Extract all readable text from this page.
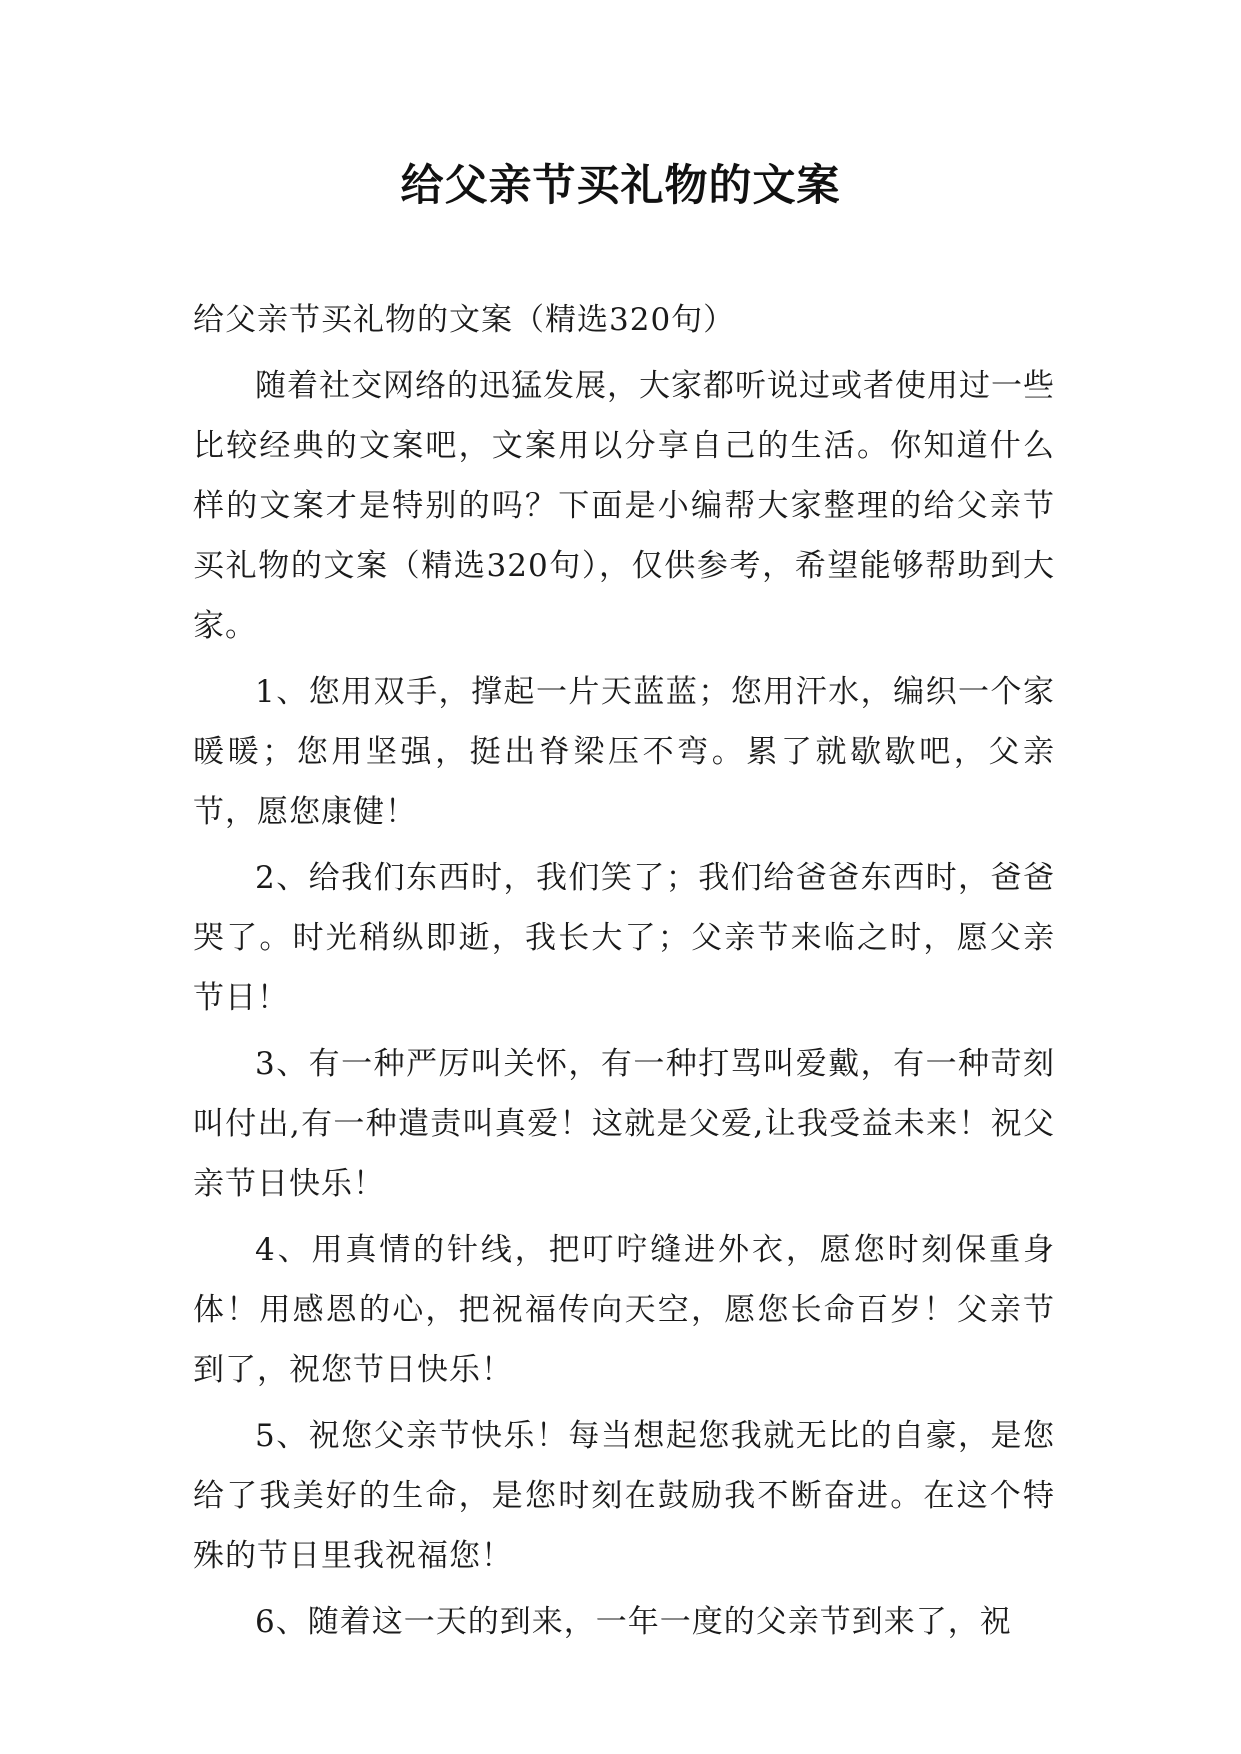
给父亲节买礼物的文案

给父亲节买礼物的文案（精选320句）

随着社交网络的迅猛发展，大家都听说过或者使用过一些比较经典的文案吧，文案用以分享自己的生活。你知道什么样的文案才是特别的吗？下面是小编帮大家整理的给父亲节买礼物的文案（精选320句），仅供参考，希望能够帮助到大家。

1、您用双手，撑起一片天蓝蓝；您用汗水，编织一个家暖暖；您用坚强，挺出脊梁压不弯。累了就歇歇吧，父亲节，愿您康健！

2、给我们东西时，我们笑了；我们给爸爸东西时，爸爸哭了。时光稍纵即逝，我长大了；父亲节来临之时，愿父亲节日！

3、有一种严厉叫关怀，有一种打骂叫爱戴，有一种苛刻叫付出,有一种遣责叫真爱！这就是父爱,让我受益未来！祝父亲节日快乐！

4、用真情的针线，把叮咛缝进外衣，愿您时刻保重身体！用感恩的心，把祝福传向天空，愿您长命百岁！父亲节到了，祝您节日快乐！

5、祝您父亲节快乐！每当想起您我就无比的自豪，是您给了我美好的生命，是您时刻在鼓励我不断奋进。在这个特殊的节日里我祝福您！

6、随着这一天的到来，一年一度的父亲节到来了，祝
